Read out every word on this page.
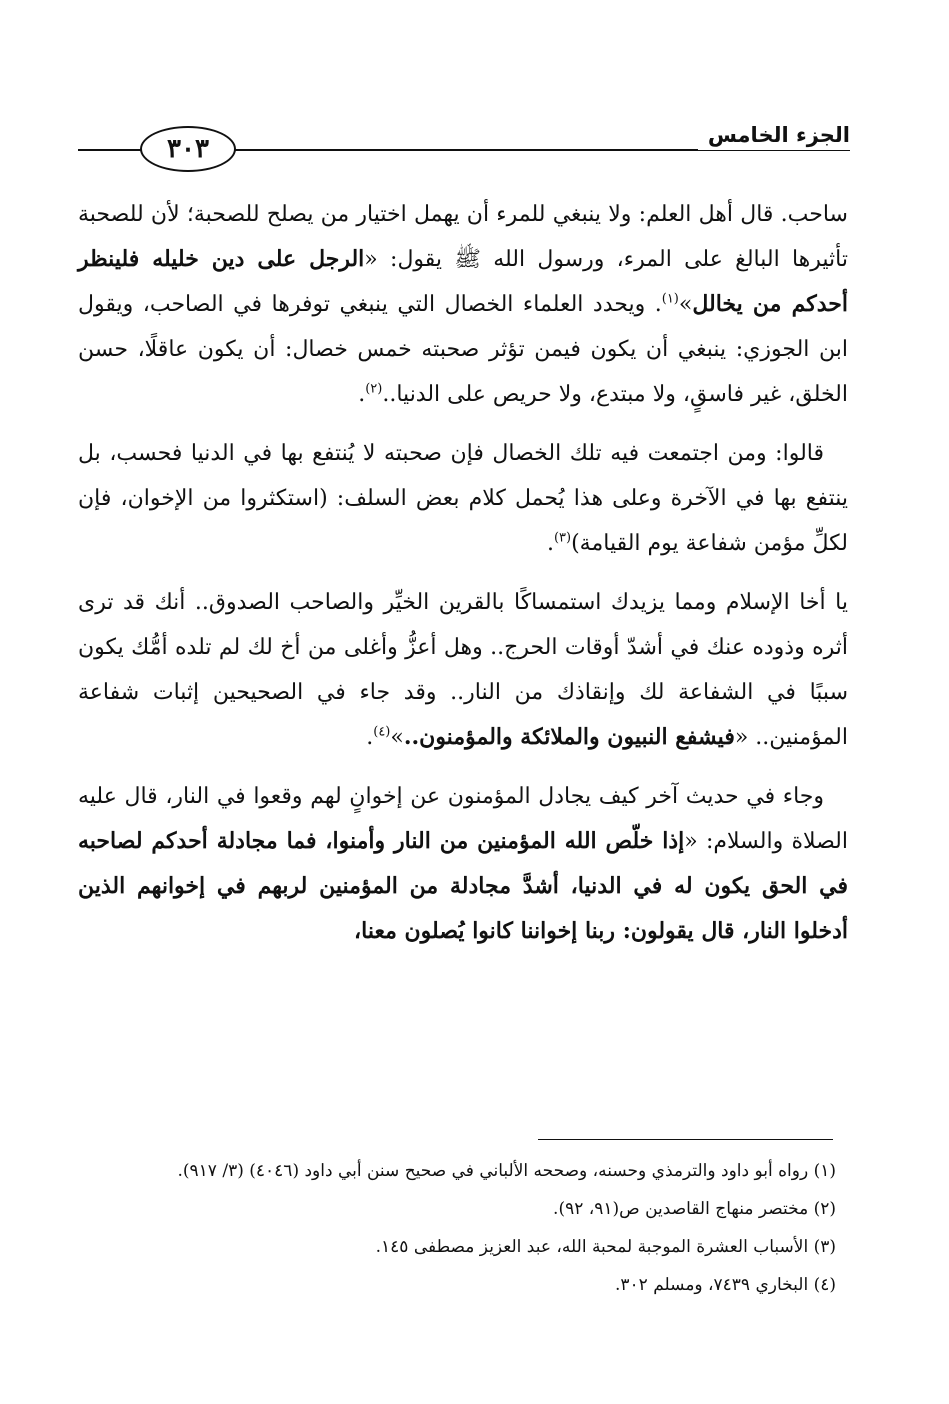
٣٠٣	الجزء الخامس

ساحب. قال أهل العلم: ولا ينبغي للمرء أن يهمل اختيار من يصلح للصحبة؛ لأن للصحبة تأثيرها البالغ على المرء، ورسول الله ﷺ يقول: «الرجل على دين خليله فلينظر أحدكم من يخالل»$^{(١)}$. ويحدد العلماء الخصال التي ينبغي توفرها في الصاحب، ويقول ابن الجوزي: ينبغي أن يكون فيمن تؤثر صحبته خمس خصال: أن يكون عاقلًا، حسن الخلق، غير فاسقٍ، ولا مبتدع، ولا حريص على الدنيا..$^{(٢)}$.

قالوا: ومن اجتمعت فيه تلك الخصال فإن صحبته لا يُنتفع بها في الدنيا فحسب، بل ينتفع بها في الآخرة وعلى هذا يُحمل كلام بعض السلف: (استكثروا من الإخوان، فإن لكلِّ مؤمن شفاعة يوم القيامة)$^{(٣)}$.

يا أخا الإسلام ومما يزيدك استمساكًا بالقرين الخيِّر والصاحب الصدوق.. أنك قد ترى أثره وذوده عنك في أشدّ أوقات الحرج.. وهل أعزُّ وأغلى من أخ لك لم تلده أمُّك يكون سببًا في الشفاعة لك وإنقاذك من النار.. وقد جاء في الصحيحين إثبات شفاعة المؤمنين.. «فيشفع النبيون والملائكة والمؤمنون..»$^{(٤)}$.

وجاء في حديث آخر كيف يجادل المؤمنون عن إخوانٍ لهم وقعوا في النار، قال عليه الصلاة والسلام: «إذا خلّص الله المؤمنين من النار وأمنوا، فما مجادلة أحدكم لصاحبه في الحق يكون له في الدنيا، أشدَّ مجادلة من المؤمنين لربهم في إخوانهم الذين أدخلوا النار، قال يقولون: ربنا إخواننا كانوا يُصلون معنا،

(١) رواه أبو داود والترمذي وحسنه، وصححه الألباني في صحيح سنن أبي داود (٤٠٤٦) (٣/ ٩١٧).
(٢) مختصر منهاج القاصدين ص(٩١، ٩٢).
(٣) الأسباب العشرة الموجبة لمحبة الله، عبد العزيز مصطفى ١٤٥.
(٤) البخاري ٧٤٣٩، ومسلم ٣٠٢.
